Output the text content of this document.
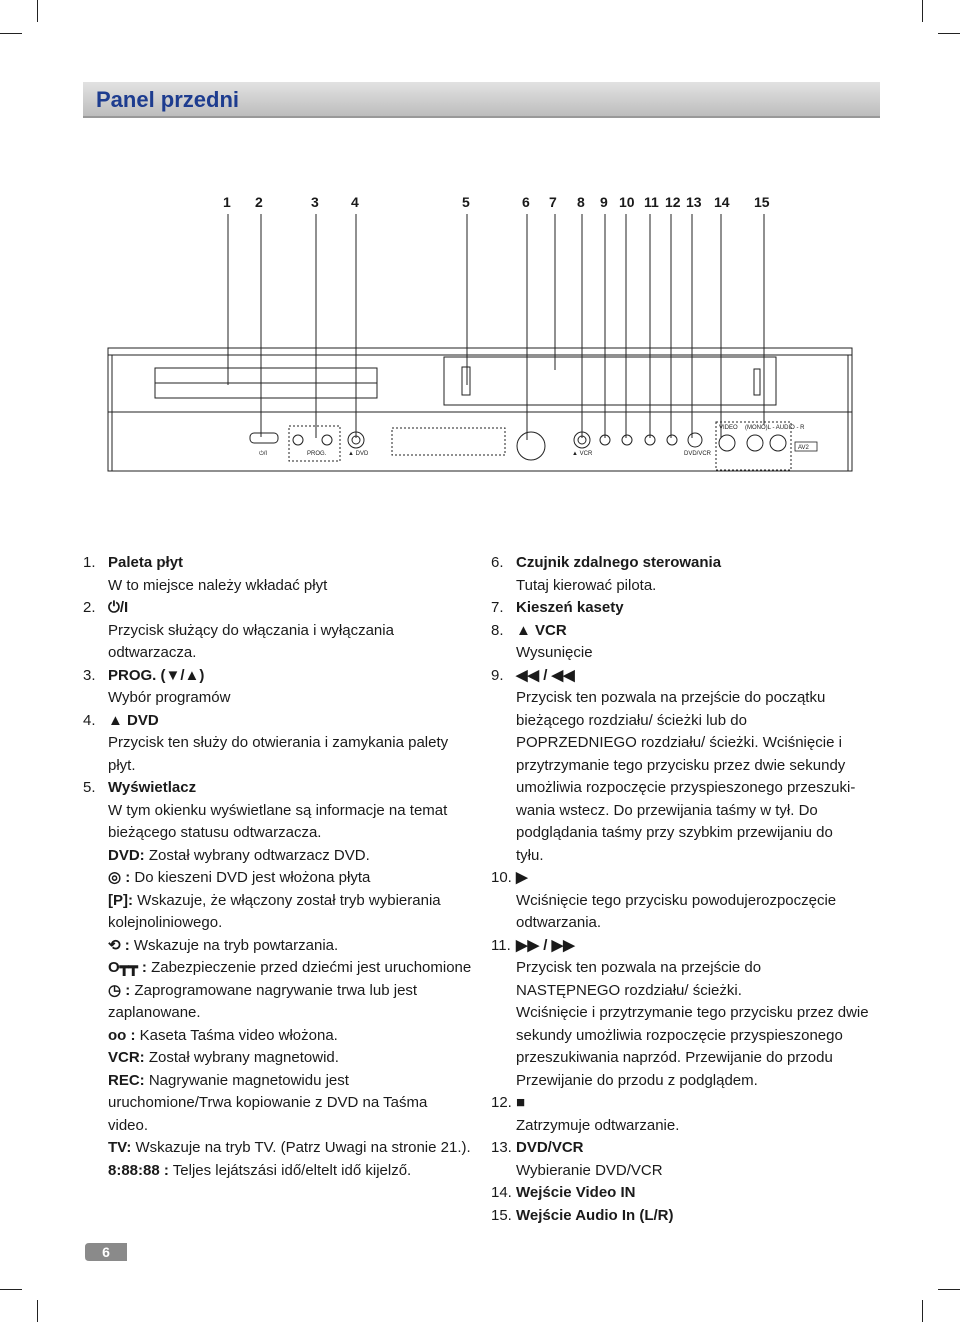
Panel przedni
1 2	3 4	5	6 7 8 9 10 11 12 13 14 15
⏻/I	PROG.	▲ DVD	▲ VCR	DVD/VCR
VIDEO (MONO)L - AUDIO - R
AV2
1. Paleta płyt
W to miejsce należy wkładać płyt
2. ⏻/I
Przycisk służący do włączania i wyłączania
odtwarzacza.
3. PROG. (▼/▲)
Wybór programów
4. ▲ DVD
Przycisk ten służy do otwierania i zamykania palety
płyt.
5. Wyświetlacz
W tym okienku wyświetlane są informacje na temat
bieżącego statusu odtwarzacza.
DVD: Został wybrany odtwarzacz DVD.
◎ : Do kieszeni DVD jest włożona płyta
[P]: Wskazuje, że włączony został tryb wybierania
kolejnoliniowego.
⟲ : Wskazuje na tryb powtarzania.
O┳┳ : Zabezpieczenie przed dziećmi jest uruchomione
◷ : Zaprogramowane nagrywanie trwa lub jest
zaplanowane.
oo : Kaseta Taśma video włożona.
VCR: Został wybrany magnetowid.
REC: Nagrywanie magnetowidu jest
uruchomione/Trwa kopiowanie z DVD na Taśma
video.
TV: Wskazuje na tryb TV. (Patrz Uwagi na stronie 21.).
8:88:88 : Teljes lejátszási idő/eltelt idő kijelző.
6. Czujnik zdalnego sterowania
Tutaj kierować pilota.
7. Kieszeń kasety
8. ▲ VCR
Wysunięcie
9. ◀◀ / ◀◀
Przycisk ten pozwala na przejście do początku
bieżącego rozdziału/ ścieżki lub do
POPRZEDNIEGO rozdziału/ ścieżki. Wciśnięcie i
przytrzymanie tego przycisku przez dwie sekundy
umożliwia rozpoczęcie przyspieszonego przeszuki-
wania wstecz. Do przewijania taśmy w tył. Do
podglądania taśmy przy szybkim przewijaniu do
tyłu.
10. ▶
Wciśnięcie tego przycisku powodujerozpoczęcie
odtwarzania.
11. ▶▶ / ▶▶
Przycisk ten pozwala na przejście do
NASTĘPNEGO rozdziału/ ścieżki.
Wciśnięcie i przytrzymanie tego przycisku przez dwie
sekundy umożliwia rozpoczęcie przyspieszonego
przeszukiwania naprzód. Przewijanie do przodu
Przewijanie do przodu z podglądem.
12. ■
Zatrzymuje odtwarzanie.
13. DVD/VCR
Wybieranie DVD/VCR
14. Wejście Video IN
15. Wejście Audio In (L/R)
6
